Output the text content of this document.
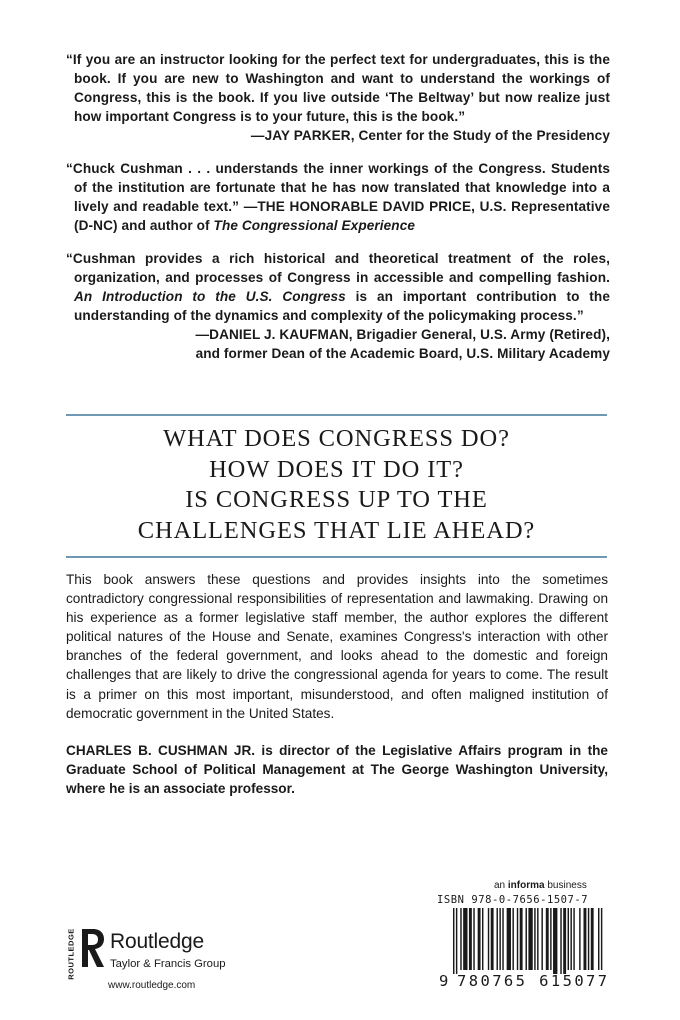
“If you are an instructor looking for the perfect text for undergraduates, this is the book. If you are new to Washington and want to understand the workings of Congress, this is the book. If you live outside ‘The Beltway’ but now realize just how important Congress is to your future, this is the book.”
—JAY PARKER, Center for the Study of the Presidency

“Chuck Cushman . . . understands the inner workings of the Congress. Students of the institution are fortunate that he has now translated that knowledge into a lively and readable text.” —THE HONORABLE DAVID PRICE, U.S. Representative (D-NC) and author of The Congressional Experience

“Cushman provides a rich historical and theoretical treatment of the roles, organization, and processes of Congress in accessible and compelling fashion. An Introduction to the U.S. Congress is an important contribution to the understanding of the dynamics and complexity of the policymaking process.”
—DANIEL J. KAUFMAN, Brigadier General, U.S. Army (Retired),
and former Dean of the Academic Board, U.S. Military Academy

WHAT DOES CONGRESS DO?
HOW DOES IT DO IT?
IS CONGRESS UP TO THE
CHALLENGES THAT LIE AHEAD?

This book answers these questions and provides insights into the sometimes contradictory congressional responsibilities of representation and lawmaking. Drawing on his experience as a former legislative staff member, the author explores the different political natures of the House and Senate, examines Congress's interaction with other branches of the federal government, and looks ahead to the domestic and foreign challenges that are likely to drive the congressional agenda for years to come. The result is a primer on this most important, misunderstood, and often maligned institution of democratic government in the United States.

CHARLES B. CUSHMAN JR. is director of the Legislative Affairs program in the Graduate School of Political Management at The George Washington University, where he is an associate professor.

ROUTLEDGE Routledge
Taylor & Francis Group
www.routledge.com
an informa business
ISBN 978-0-7656-1507-7
9 780765 615077
